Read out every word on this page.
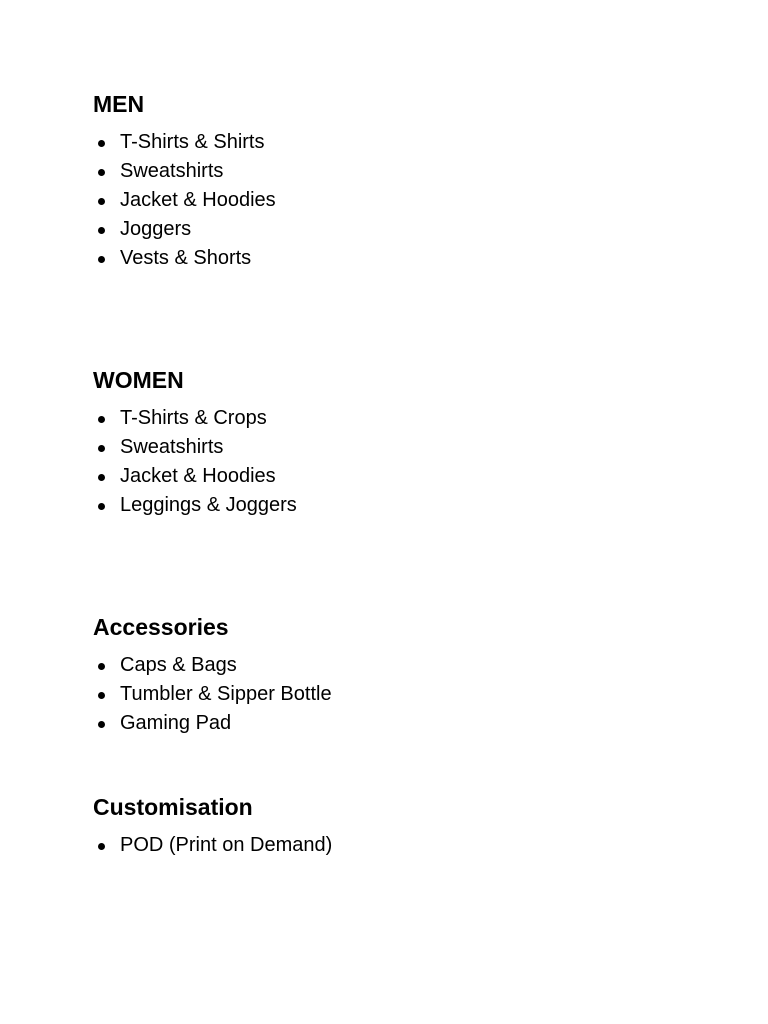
MEN
T-Shirts & Shirts
Sweatshirts
Jacket & Hoodies
Joggers
Vests & Shorts
WOMEN
T-Shirts & Crops
Sweatshirts
Jacket & Hoodies
Leggings & Joggers
Accessories
Caps & Bags
Tumbler & Sipper Bottle
Gaming Pad
Customisation
POD (Print on Demand)
